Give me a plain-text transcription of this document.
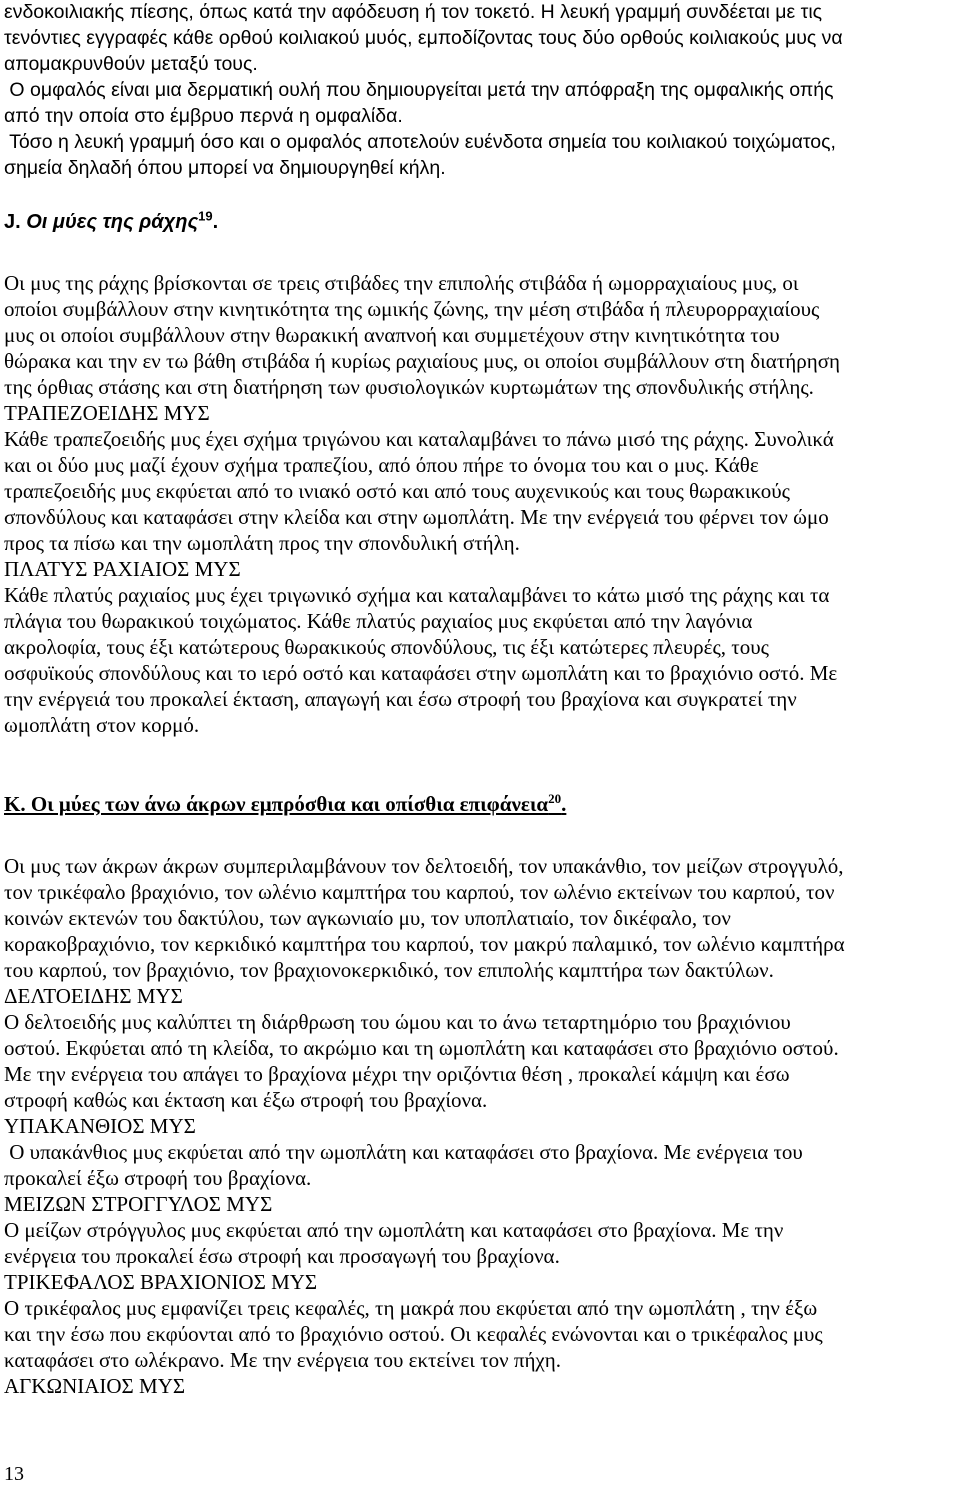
ενδοκοιλιακής πίεσης, όπως κατά την αφόδευση ή τον τοκετό. Η λευκή γραμμή συνδέεται με τις

τενόντιες εγγραφές κάθε ορθού κοιλιακού μυός, εμποδίζοντας τους δύο ορθούς κοιλιακούς μυς να

απομακρυνθούν μεταξύ τους.

Ο ομφαλός είναι μια δερματική ουλή που δημιουργείται μετά την απόφραξη της ομφαλικής οπής

από την οποία στο έμβρυο περνά η ομφαλίδα.

Τόσο η λευκή γραμμή όσο και ο ομφαλός αποτελούν ευένδοτα σημεία του κοιλιακού τοιχώματος,

σημεία δηλαδή όπου μπορεί να δημιουργηθεί κήλη.

J. Οι μύες της ράχης$^{19}$.

Οι μυς της ράχης βρίσκονται σε τρεις στιβάδες την επιπολής στιβάδα ή ωμορραχιαίους μυς, οι

οποίοι συμβάλλουν στην κινητικότητα της ωμικής ζώνης, την μέση στιβάδα ή πλευρορραχιαίους

μυς οι οποίοι συμβάλλουν στην θωρακική αναπνοή και συμμετέχουν στην κινητικότητα του

θώρακα και την εν τω βάθη στιβάδα ή κυρίως ραχιαίους μυς, οι οποίοι συμβάλλουν στη διατήρηση

της όρθιας στάσης και στη διατήρηση των φυσιολογικών κυρτωμάτων της σπονδυλικής στήλης.

ΤΡΑΠΕΖΟΕΙΔΗΣ ΜΥΣ

Κάθε τραπεζοειδής μυς έχει σχήμα τριγώνου και καταλαμβάνει το πάνω μισό της ράχης. Συνολικά

και οι δύο μυς μαζί έχουν σχήμα τραπεζίου, από όπου πήρε το όνομα του και ο μυς. Κάθε

τραπεζοειδής μυς εκφύεται από το ινιακό οστό και από τους αυχενικούς και τους θωρακικούς

σπονδύλους και καταφάσει στην κλείδα και στην ωμοπλάτη. Με την ενέργειά του φέρνει τον ώμο

προς τα πίσω και την ωμοπλάτη προς την σπονδυλική στήλη.

ΠΛΑΤΥΣ ΡΑΧΙΑΙΟΣ ΜΥΣ

Κάθε πλατύς ραχιαίος μυς έχει τριγωνικό σχήμα και καταλαμβάνει το κάτω μισό της ράχης και τα

πλάγια του θωρακικού τοιχώματος. Κάθε πλατύς ραχιαίος μυς εκφύεται από την λαγόνια

ακρολοφία, τους έξι κατώτερους θωρακικούς σπονδύλους, τις έξι κατώτερες πλευρές, τους

οσφυϊκούς σπονδύλους και το ιερό οστό και καταφάσει στην ωμοπλάτη και το βραχιόνιο οστό. Με

την ενέργειά του προκαλεί έκταση, απαγωγή και έσω στροφή του βραχίονα και συγκρατεί την

ωμοπλάτη στον κορμό.

K. Οι μύες των άνω άκρων εμπρόσθια και οπίσθια επιφάνεια$^{20}$.

Οι μυς των άκρων άκρων συμπεριλαμβάνουν τον δελτοειδή, τον υπακάνθιο, τον μείζων στρογγυλό,

τον τρικέφαλο βραχιόνιο, τον ωλένιο καμπτήρα του καρπού, τον ωλένιο εκτείνων του καρπού, τον

κοινών εκτενών του δακτύλου, των αγκωνιαίο μυ, τον υποπλατιαίο, τον δικέφαλο, τον

κορακοβραχιόνιο, τον κερκιδικό καμπτήρα του καρπού, τον μακρύ παλαμικό, τον ωλένιο καμπτήρα

του καρπού, τον βραχιόνιο, τον βραχιονοκερκιδικό, τον επιπολής καμπτήρα των δακτύλων.

ΔΕΛΤΟΕΙΔΗΣ ΜΥΣ

Ο δελτοειδής μυς καλύπτει τη διάρθρωση του ώμου και το άνω τεταρτημόριο του βραχιόνιου

οστού. Εκφύεται από τη κλείδα, το ακρώμιο και τη ωμοπλάτη και καταφάσει στο βραχιόνιο οστού.

Με την ενέργεια του απάγει το βραχίονα μέχρι την οριζόντια θέση , προκαλεί κάμψη και έσω

στροφή καθώς και έκταση και έξω στροφή του βραχίονα.

ΥΠΑΚΑΝΘΙΟΣ ΜΥΣ

Ο υπακάνθιος μυς εκφύεται από την ωμοπλάτη και καταφάσει στο βραχίονα. Με ενέργεια του

προκαλεί έξω στροφή του βραχίονα.

ΜΕΙΖΩΝ ΣΤΡΟΓΓΥΛΟΣ ΜΥΣ

Ο μείζων στρόγγυλος μυς εκφύεται από την ωμοπλάτη και καταφάσει στο βραχίονα. Με την

ενέργεια του προκαλεί έσω στροφή και προσαγωγή του βραχίονα.

ΤΡΙΚΕΦΑΛΟΣ ΒΡΑΧΙΟΝΙΟΣ ΜΥΣ

Ο τρικέφαλος μυς εμφανίζει τρεις κεφαλές, τη μακρά που εκφύεται από την ωμοπλάτη , την έξω

και την έσω που εκφύονται από το βραχιόνιο οστού. Οι κεφαλές ενώνονται και ο τρικέφαλος μυς

καταφάσει στο ωλέκρανο. Με την ενέργεια του εκτείνει τον πήχη.

ΑΓΚΩΝΙΑΙΟΣ ΜΥΣ

13
